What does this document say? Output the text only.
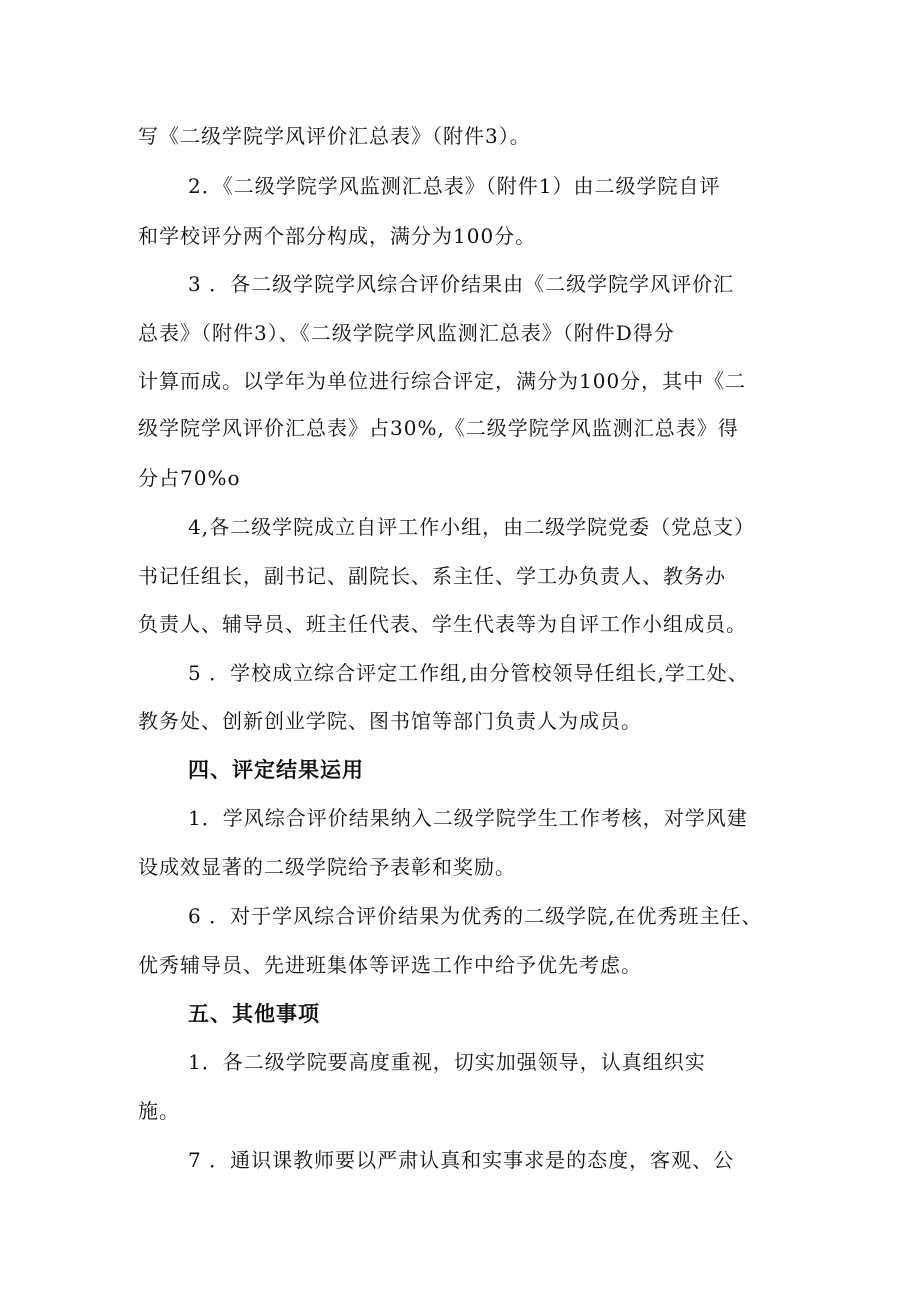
写《二级学院学风评价汇总表》（附件3）。
2．《二级学院学风监测汇总表》（附件1）由二级学院自评
和学校评分两个部分构成，满分为100分。
3 ．各二级学院学风综合评价结果由《二级学院学风评价汇
总表》（附件3）、《二级学院学风监测汇总表》（附件D得分
计算而成。以学年为单位进行综合评定，满分为100分，其中《二
级学院学风评价汇总表》占30%,《二级学院学风监测汇总表》得
分占70%o
4,各二级学院成立自评工作小组，由二级学院党委（党总支）
书记任组长，副书记、副院长、系主任、学工办负责人、教务办
负责人、辅导员、班主任代表、学生代表等为自评工作小组成员。
5 ．学校成立综合评定工作组,由分管校领导任组长,学工处、
教务处、创新创业学院、图书馆等部门负责人为成员。
四、评定结果运用
1．学风综合评价结果纳入二级学院学生工作考核，对学风建
设成效显著的二级学院给予表彰和奖励。
6 ．对于学风综合评价结果为优秀的二级学院,在优秀班主任、
优秀辅导员、先进班集体等评选工作中给予优先考虑。
五、其他事项
1．各二级学院要高度重视，切实加强领导，认真组织实
施。
7 ．通识课教师要以严肃认真和实事求是的态度，客观、公
